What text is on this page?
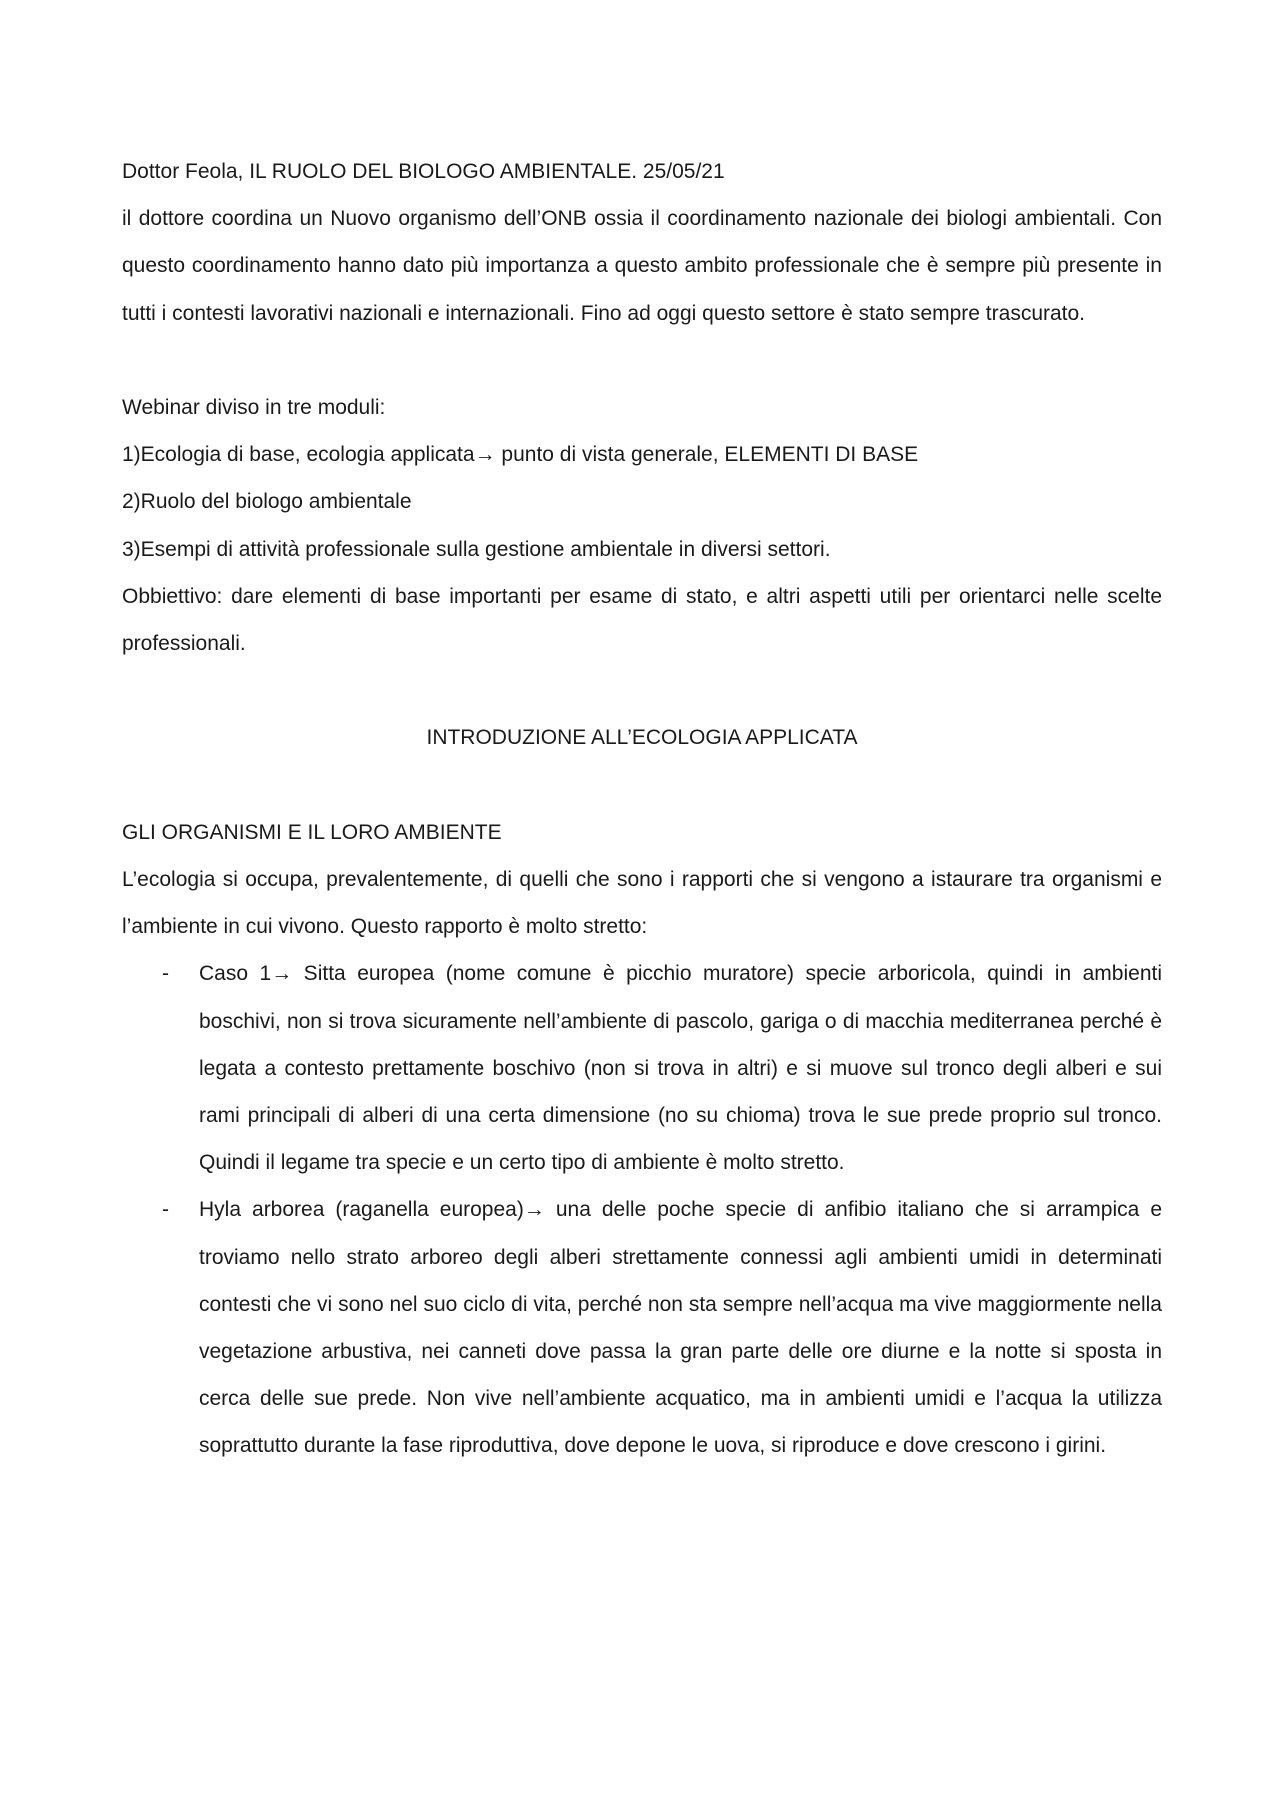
Dottor Feola, IL RUOLO DEL BIOLOGO AMBIENTALE. 25/05/21

il dottore coordina un Nuovo organismo dell’ONB ossia il coordinamento nazionale dei biologi ambientali. Con questo coordinamento hanno dato più importanza a questo ambito professionale che è sempre più presente in tutti i contesti lavorativi nazionali e internazionali. Fino ad oggi questo settore è stato sempre trascurato.

Webinar diviso in tre moduli:

1)Ecologia di base, ecologia applicata→ punto di vista generale, ELEMENTI DI BASE

2)Ruolo del biologo ambientale

3)Esempi di attività professionale sulla gestione ambientale in diversi settori.

Obbiettivo: dare elementi di base importanti per esame di stato, e altri aspetti utili per orientarci nelle scelte professionali.

INTRODUZIONE ALL’ECOLOGIA APPLICATA

GLI ORGANISMI E IL LORO AMBIENTE

L’ecologia si occupa, prevalentemente, di quelli che sono i rapporti che si vengono a istaurare tra organismi e l’ambiente in cui vivono. Questo rapporto è molto stretto:

- Caso 1→ Sitta europea (nome comune è picchio muratore) specie arboricola, quindi in ambienti boschivi, non si trova sicuramente nell’ambiente di pascolo, gariga o di macchia mediterranea perché è legata a contesto prettamente boschivo (non si trova in altri) e si muove sul tronco degli alberi e sui rami principali di alberi di una certa dimensione (no su chioma) trova le sue prede proprio sul tronco. Quindi il legame tra specie e un certo tipo di ambiente è molto stretto.
- Hyla arborea (raganella europea)→ una delle poche specie di anfibio italiano che si arrampica e troviamo nello strato arboreo degli alberi strettamente connessi agli ambienti umidi in determinati contesti che vi sono nel suo ciclo di vita, perché non sta sempre nell’acqua ma vive maggiormente nella vegetazione arbustiva, nei canneti dove passa la gran parte delle ore diurne e la notte si sposta in cerca delle sue prede. Non vive nell’ambiente acquatico, ma in ambienti umidi e l’acqua la utilizza soprattutto durante la fase riproduttiva, dove depone le uova, si riproduce e dove crescono i girini.
